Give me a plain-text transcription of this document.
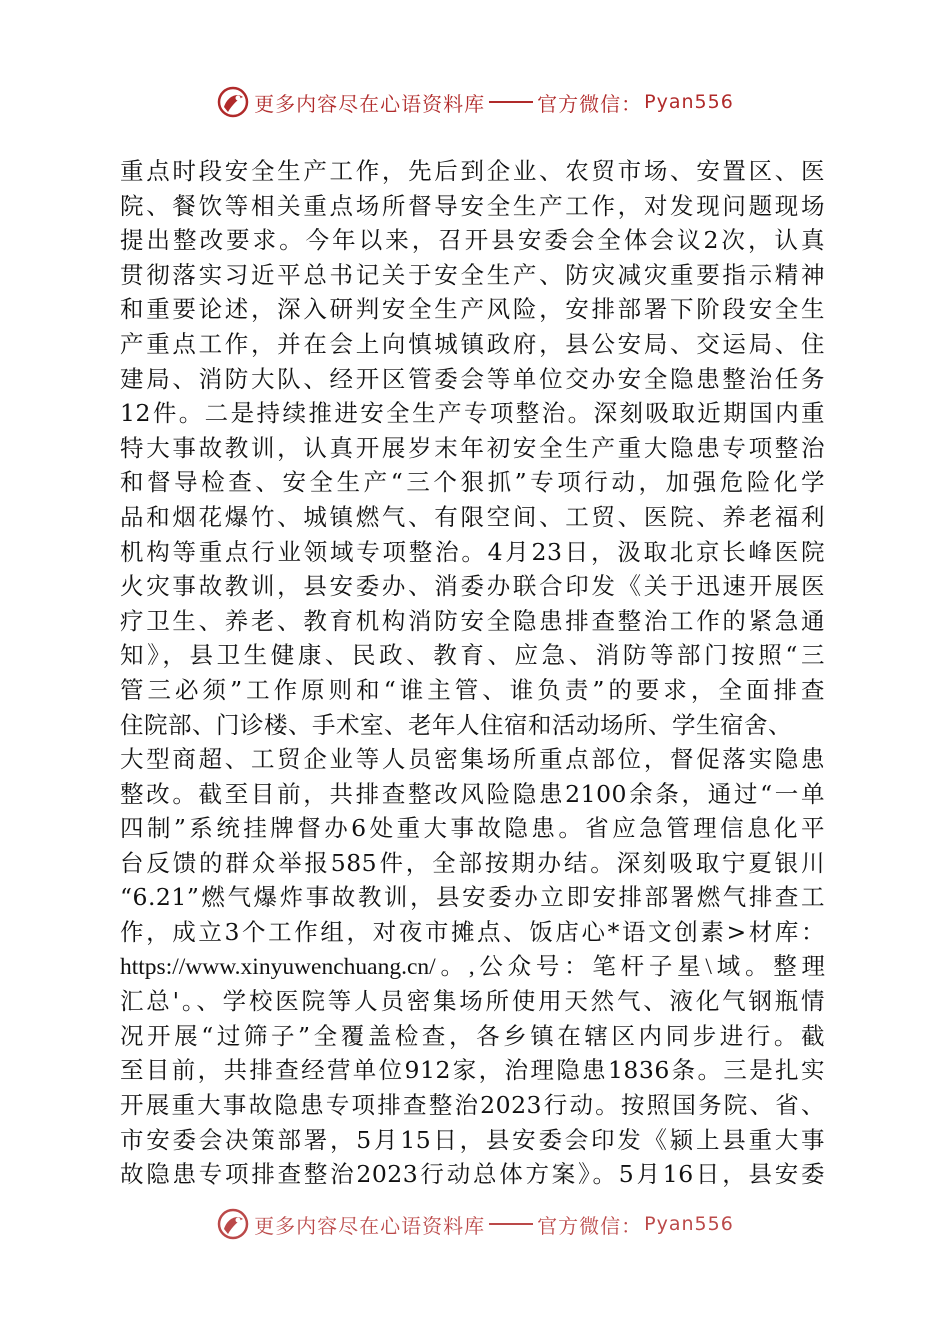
更多内容尽在心语资料库	官方微信： Pyan556
重点时段安全生产工作，先后到企业、农贸市场、安置区、医
院、餐饮等相关重点场所督导安全生产工作，对发现问题现场
提出整改要求。今年以来，召开县安委会全体会议2次，认真
贯彻落实习近平总书记关于安全生产、防灾减灾重要指示精神
和重要论述，深入研判安全生产风险，安排部署下阶段安全生
产重点工作，并在会上向慎城镇政府，县公安局、交运局、住
建局、消防大队、经开区管委会等单位交办安全隐患整治任务
12件。二是持续推进安全生产专项整治。深刻吸取近期国内重
特大事故教训，认真开展岁末年初安全生产重大隐患专项整治
和督导检查、安全生产“三个狠抓”专项行动，加强危险化学
品和烟花爆竹、城镇燃气、有限空间、工贸、医院、养老福利
机构等重点行业领域专项整治。4月23日，汲取北京长峰医院
火灾事故教训，县安委办、消委办联合印发《关于迅速开展医
疗卫生、养老、教育机构消防安全隐患排查整治工作的紧急通
知》，县卫生健康、民政、教育、应急、消防等部门按照“三
管三必须”工作原则和“谁主管、谁负责”的要求，全面排查
住院部、门诊楼、手术室、老年人住宿和活动场所、学生宿舍、
大型商超、工贸企业等人员密集场所重点部位，督促落实隐患
整改。截至目前，共排查整改风险隐患2100余条，通过“一单
四制”系统挂牌督办6处重大事故隐患。省应急管理信息化平
台反馈的群众举报585件，全部按期办结。深刻吸取宁夏银川
“6.21”燃气爆炸事故教训，县安委办立即安排部署燃气排查工
作，成立3个工作组，对夜市摊点、饭店心*语文创素>材库：
https://www.xinyuwenchuang.cn/。,公众号：笔杆子星\域。整理
汇总'。、学校医院等人员密集场所使用天然气、液化气钢瓶情
况开展“过筛子”全覆盖检查，各乡镇在辖区内同步进行。截
至目前，共排查经营单位912家，治理隐患1836条。三是扎实
开展重大事故隐患专项排查整治2023行动。按照国务院、省、
市安委会决策部署，5月15日，县安委会印发《颍上县重大事
故隐患专项排查整治2023行动总体方案》。5月16日，县安委
更多内容尽在心语资料库	官方微信： Pyan556
